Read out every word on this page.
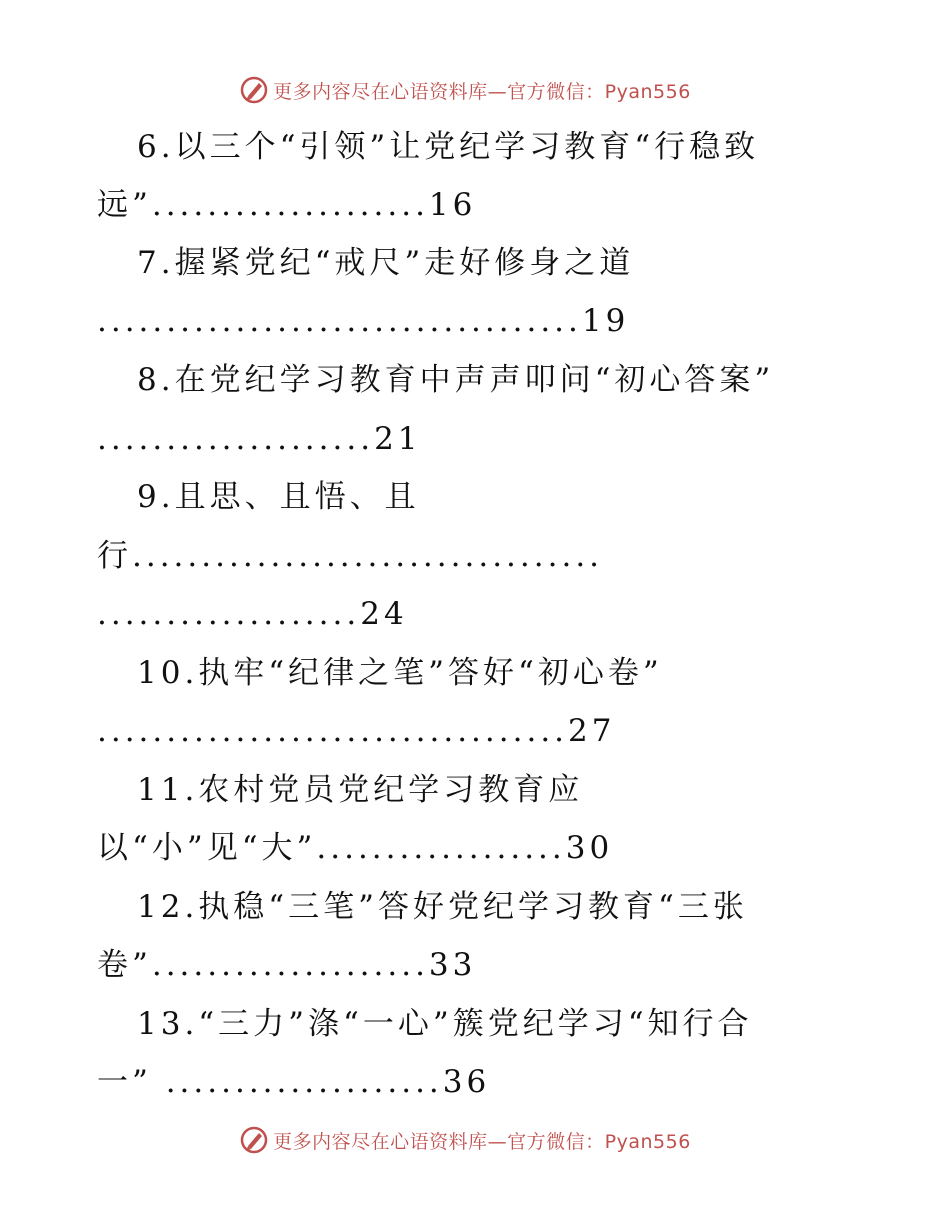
更多内容尽在心语资料库—官方微信：Pyan556
6.以三个“引领”让党纪学习教育“行稳致
远”....................16
7.握紧党纪“戒尺”走好修身之道
...................................19
8.在党纪学习教育中声声叩问“初心答案”
....................21
9.且思、且悟、且
行..................................
...................24
10.执牢“纪律之笔”答好“初心卷”
..................................27
11.农村党员党纪学习教育应
以“小”见“大”..................30
12.执稳“三笔”答好党纪学习教育“三张
卷”....................33
13.“三力”涤“一心”簇党纪学习“知行合
一” ....................36
更多内容尽在心语资料库—官方微信：Pyan556
